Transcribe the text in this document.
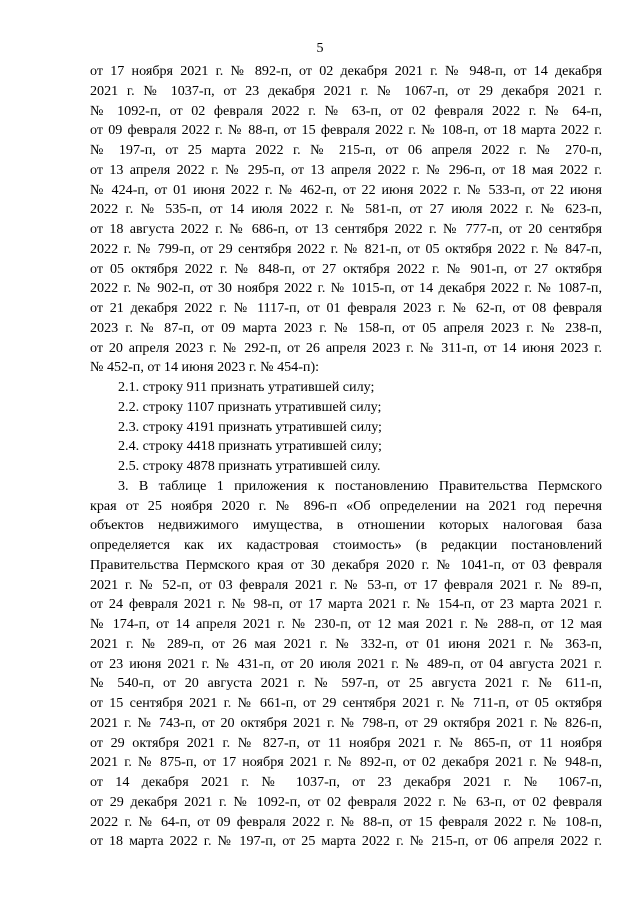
5

от 17 ноября 2021 г. № 892-п, от 02 декабря 2021 г. № 948-п, от 14 декабря

2021 г. № 1037-п, от 23 декабря 2021 г. № 1067-п, от 29 декабря 2021 г.

№ 1092-п, от 02 февраля 2022 г. № 63-п, от 02 февраля 2022 г. № 64-п,

от 09 февраля 2022 г. № 88-п, от 15 февраля 2022 г. № 108-п, от 18 марта 2022 г.

№ 197-п, от 25 марта 2022 г. № 215-п, от 06 апреля 2022 г. № 270-п,

от 13 апреля 2022 г. № 295-п, от 13 апреля 2022 г. № 296-п, от 18 мая 2022 г.

№ 424-п, от 01 июня 2022 г. № 462-п, от 22 июня 2022 г. № 533-п, от 22 июня

2022 г. № 535-п, от 14 июля 2022 г. № 581-п, от 27 июля 2022 г. № 623-п,

от 18 августа 2022 г. № 686-п, от 13 сентября 2022 г. № 777-п, от 20 сентября

2022 г. № 799-п, от 29 сентября 2022 г. № 821-п, от 05 октября 2022 г. № 847-п,

от 05 октября 2022 г. № 848-п, от 27 октября 2022 г. № 901-п, от 27 октября

2022 г. № 902-п, от 30 ноября 2022 г. № 1015-п, от 14 декабря 2022 г. № 1087-п,

от 21 декабря 2022 г. № 1117-п, от 01 февраля 2023 г. № 62-п, от 08 февраля

2023 г. № 87-п, от 09 марта 2023 г. № 158-п, от 05 апреля 2023 г. № 238-п,

от 20 апреля 2023 г. № 292-п, от 26 апреля 2023 г. № 311-п, от 14 июня 2023 г.

№ 452-п, от 14 июня 2023 г. № 454-п):

2.1. строку 911 признать утратившей силу;

2.2. строку 1107 признать утратившей силу;

2.3. строку 4191 признать утратившей силу;

2.4. строку 4418 признать утратившей силу;

2.5. строку 4878 признать утратившей силу.

3. В таблице 1 приложения к постановлению Правительства Пермского

края от 25 ноября 2020 г. № 896-п «Об определении на 2021 год перечня

объектов недвижимого имущества, в отношении которых налоговая база

определяется как их кадастровая стоимость» (в редакции постановлений

Правительства Пермского края от 30 декабря 2020 г. № 1041-п, от 03 февраля

2021 г. № 52-п, от 03 февраля 2021 г. № 53-п, от 17 февраля 2021 г. № 89-п,

от 24 февраля 2021 г. № 98-п, от 17 марта 2021 г. № 154-п, от 23 марта 2021 г.

№ 174-п, от 14 апреля 2021 г. № 230-п, от 12 мая 2021 г. № 288-п, от 12 мая

2021 г. № 289-п, от 26 мая 2021 г. № 332-п, от 01 июня 2021 г. № 363-п,

от 23 июня 2021 г. № 431-п, от 20 июля 2021 г. № 489-п, от 04 августа 2021 г.

№ 540-п, от 20 августа 2021 г. № 597-п, от 25 августа 2021 г. № 611-п,

от 15 сентября 2021 г. № 661-п, от 29 сентября 2021 г. № 711-п, от 05 октября

2021 г. № 743-п, от 20 октября 2021 г. № 798-п, от 29 октября 2021 г. № 826-п,

от 29 октября 2021 г. № 827-п, от 11 ноября 2021 г. № 865-п, от 11 ноября

2021 г. № 875-п, от 17 ноября 2021 г. № 892-п, от 02 декабря 2021 г. № 948-п,

от 14 декабря 2021 г. № 1037-п, от 23 декабря 2021 г. № 1067-п,

от 29 декабря 2021 г. № 1092-п, от 02 февраля 2022 г. № 63-п, от 02 февраля

2022 г. № 64-п, от 09 февраля 2022 г. № 88-п, от 15 февраля 2022 г. № 108-п,

от 18 марта 2022 г. № 197-п, от 25 марта 2022 г. № 215-п, от 06 апреля 2022 г.
